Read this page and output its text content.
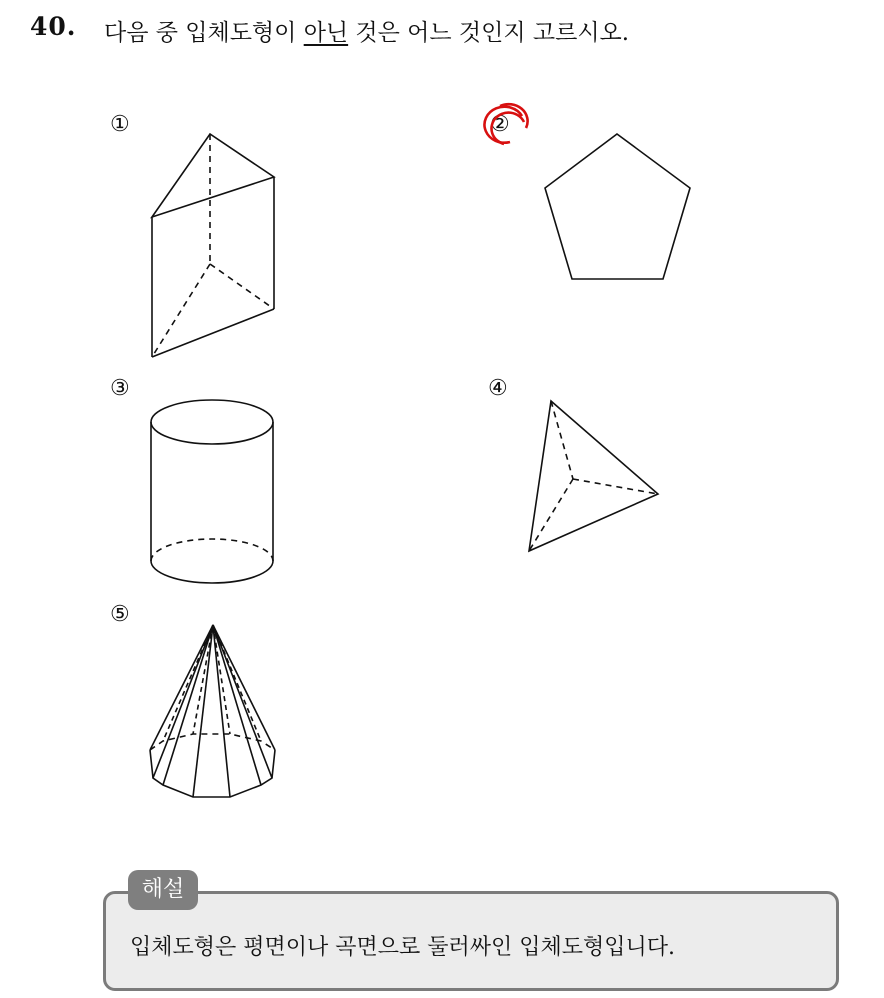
40. 다음 중 입체도형이 아닌 것은 어느 것인지 고르시오.
①	②
③	④
⑤
해설
입체도형은 평면이나 곡면으로 둘러싸인 입체도형입니다.
